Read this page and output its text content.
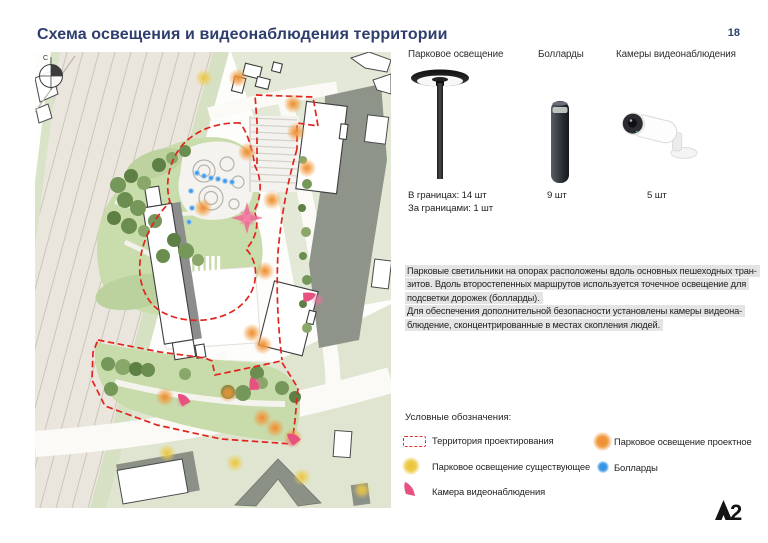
Схема освещения и видеонаблюдения территории	18
С	Парковое освещение	Болларды	Камеры видеонаблюдения
В границах: 14 шт
За границами: 1 шт
9 шт	5 шт
Парковые светильники на опорах расположены вдоль основных пешеходных тран-
зитов. Вдоль второстепенных маршрутов используется точечное освещение для
подсветки дорожек (болларды).
Для обеспечения дополнительной безопасности установлены камеры видеона-
блюдение, сконцентрированные в местах скопления людей.
Условные обозначения:
Территория проектирования
Парковое освещение существующее
Камера видеонаблюдения
Парковое освещение проектное
Болларды
2
